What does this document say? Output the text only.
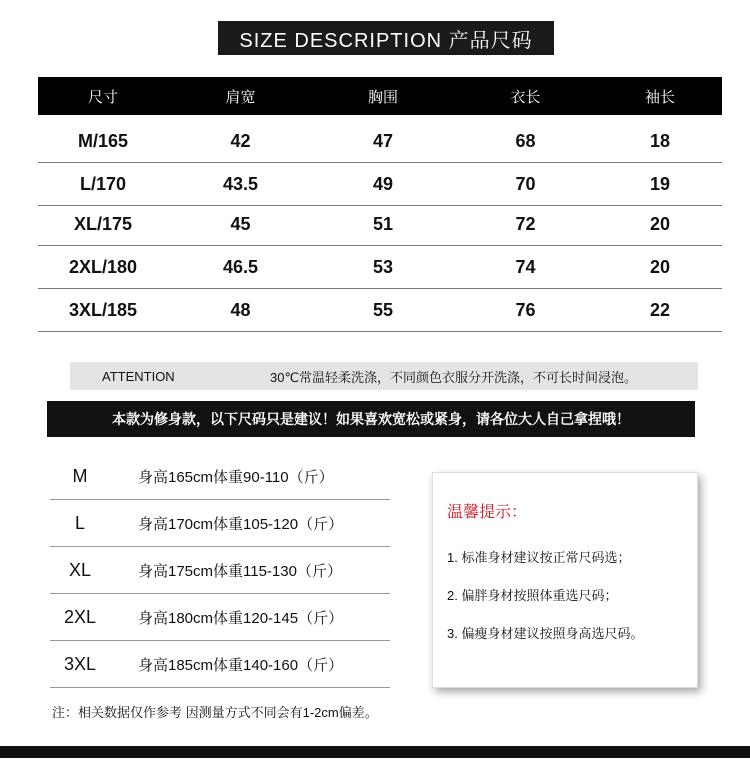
SIZE DESCRIPTION 产品尺码
尺寸	肩宽	胸围	衣长	袖长
M/165	42	47	68	18
L/170	43.5	49	70	19
XL/175	45	51	72	20
2XL/180	46.5	53	74	20
3XL/185	48	55	76	22
ATTENTION	30℃常温轻柔洗涤，不同颜色衣服分开洗涤，不可长时间浸泡。
本款为修身款，以下尺码只是建议！如果喜欢宽松或紧身，请各位大人自己拿捏哦！
M	身高165cm体重90-110（斤）
L	身高170cm体重105-120（斤）
XL	身高175cm体重115-130（斤）
2XL	身高180cm体重120-145（斤）
3XL	身高185cm体重140-160（斤）
温馨提示：
1. 标准身材建议按正常尺码选；
2. 偏胖身材按照体重选尺码；
3. 偏瘦身材建议按照身高选尺码。
注：相关数据仅作参考 因测量方式不同会有1-2cm偏差。
